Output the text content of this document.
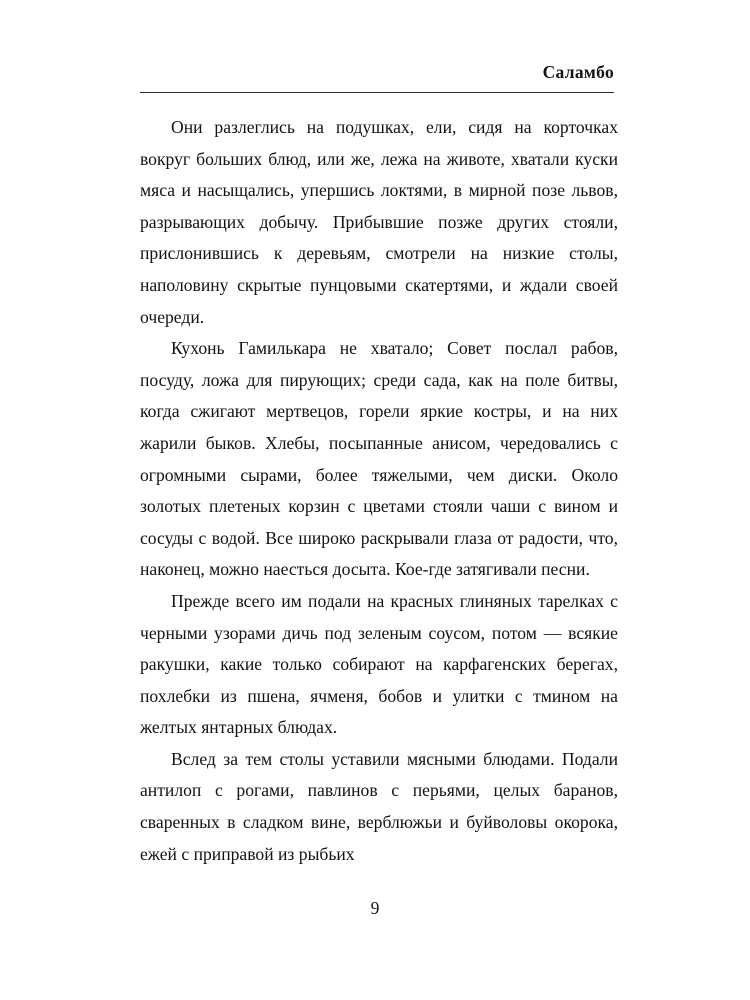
Саламбо

Они разлеглись на подушках, ели, сидя на корточках вокруг больших блюд, или же, лежа на животе, хватали куски мяса и насыщались, упершись локтями, в мирной позе львов, разрывающих добычу. Прибывшие позже других стояли, прислонившись к деревьям, смотрели на низкие столы, наполовину скрытые пунцовыми скатертями, и ждали своей очереди.

Кухонь Гамилькара не хватало; Совет послал рабов, посуду, ложа для пирующих; среди сада, как на поле битвы, когда сжигают мертвецов, горели яркие костры, и на них жарили быков. Хлебы, посыпанные анисом, чередовались с огромными сырами, более тяжелыми, чем диски. Около золотых плетеных корзин с цветами стояли чаши с вином и сосуды с водой. Все широко раскрывали глаза от радости, что, наконец, можно наесться досыта. Кое-где затягивали песни.

Прежде всего им подали на красных глиняных тарелках с черными узорами дичь под зеленым соусом, потом — всякие ракушки, какие только собирают на карфагенских берегах, похлебки из пшена, ячменя, бобов и улитки с тмином на желтых янтарных блюдах.

Вслед за тем столы уставили мясными блюдами. Подали антилоп с рогами, павлинов с перьями, целых баранов, сваренных в сладком вине, верблюжьи и буйволовы окорока, ежей с приправой из рыбьих

9
